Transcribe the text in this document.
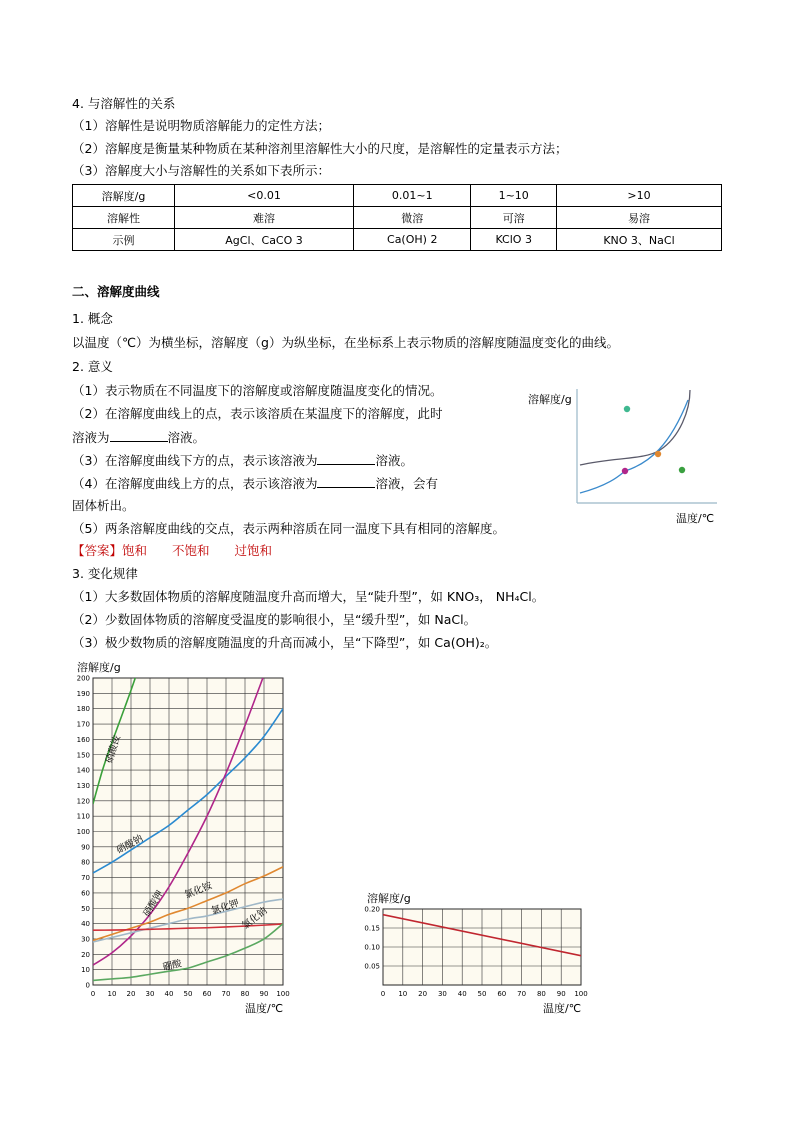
4. 与溶解性的关系
（1）溶解性是说明物质溶解能力的定性方法；
（2）溶解度是衡量某种物质在某种溶剂里溶解性大小的尺度，是溶解性的定量表示方法；
（3）溶解度大小与溶解性的关系如下表所示：
溶解度/g	<0.01	0.01~1	1~10	>10
溶解性	难溶	微溶	可溶	易溶
示例	AgCl、CaCO 3	Ca(OH) 2	KClO 3	KNO 3、NaCl
二、溶解度曲线
1. 概念
以温度（℃）为横坐标，溶解度（g）为纵坐标，在坐标系上表示物质的溶解度随温度变化的曲线。
2. 意义
（1）表示物质在不同温度下的溶解度或溶解度随温度变化的情况。
（2）在溶解度曲线上的点，表示该溶质在某温度下的溶解度，此时
溶液为	溶液。
（3）在溶解度曲线下方的点，表示该溶液为	溶液。
（4）在溶解度曲线上方的点，表示该溶液为	溶液，会有
固体析出。
（5）两条溶解度曲线的交点，表示两种溶质在同一温度下具有相同的溶解度。
【答案】饱和　　不饱和　　过饱和
3. 变化规律
（1）大多数固体物质的溶解度随温度升高而增大，呈“陡升型”，如 KNO₃， NH₄Cl。
（2）少数固体物质的溶解度受温度的影响很小，呈“缓升型”，如 NaCl。
（3）极少数物质的溶解度随温度的升高而减小，呈“下降型”，如 Ca(OH)₂。
溶解度/g
温度/℃
0 10 20 30 40 50 60 70 80 90 100
0
10
20
30
40
50
60
70
80
90
100
110
120
130
140
150
160
170
180
190
200
溶解度/g
温度/℃
硝酸铵
硝酸钠
硝酸钾 氯化铵
氯化钾 氯化钠
硼酸
0 10 20 30 40 50 60 70 80 90 100
0.05
0.10
0.15
0.20
溶解度/g
温度/℃
